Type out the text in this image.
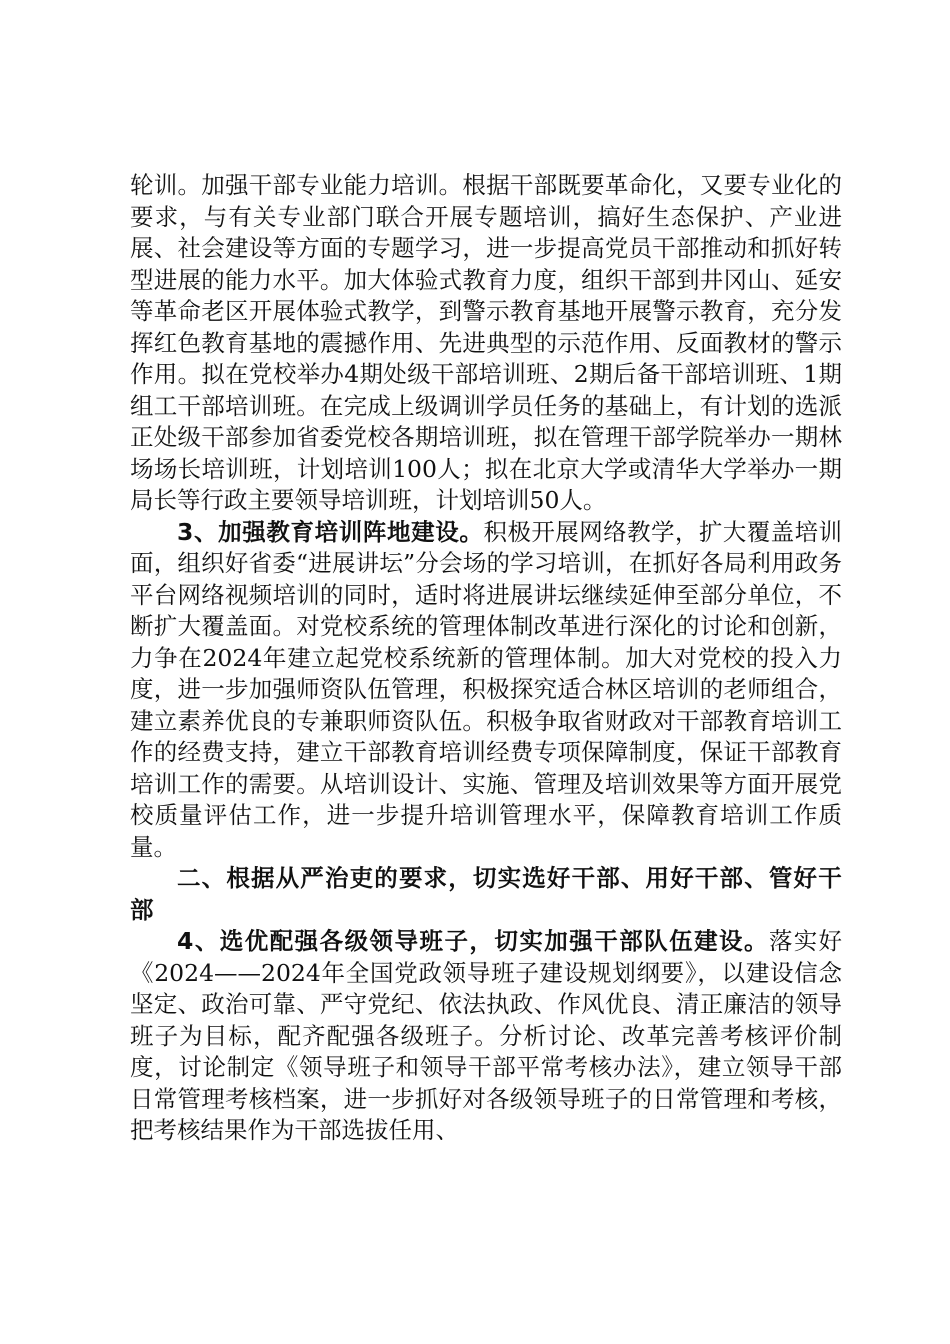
轮训。加强干部专业能力培训。根据干部既要革命化，又要专业化的要求，与有关专业部门联合开展专题培训，搞好生态保护、产业进展、社会建设等方面的专题学习，进一步提高党员干部推动和抓好转型进展的能力水平。加大体验式教育力度，组织干部到井冈山、延安等革命老区开展体验式教学，到警示教育基地开展警示教育，充分发挥红色教育基地的震撼作用、先进典型的示范作用、反面教材的警示作用。拟在党校举办4期处级干部培训班、2期后备干部培训班、1期组工干部培训班。在完成上级调训学员任务的基础上，有计划的选派正处级干部参加省委党校各期培训班，拟在管理干部学院举办一期林场场长培训班，计划培训100人；拟在北京大学或清华大学举办一期局长等行政主要领导培训班，计划培训50人。

3、加强教育培训阵地建设。积极开展网络教学，扩大覆盖培训面，组织好省委“进展讲坛”分会场的学习培训，在抓好各局利用政务平台网络视频培训的同时，适时将进展讲坛继续延伸至部分单位，不断扩大覆盖面。对党校系统的管理体制改革进行深化的讨论和创新，力争在2024年建立起党校系统新的管理体制。加大对党校的投入力度，进一步加强师资队伍管理，积极探究适合林区培训的老师组合，建立素养优良的专兼职师资队伍。积极争取省财政对干部教育培训工作的经费支持，建立干部教育培训经费专项保障制度，保证干部教育培训工作的需要。从培训设计、实施、管理及培训效果等方面开展党校质量评估工作，进一步提升培训管理水平，保障教育培训工作质量。

二、根据从严治吏的要求，切实选好干部、用好干部、管好干部

4、选优配强各级领导班子，切实加强干部队伍建设。落实好《2024——2024年全国党政领导班子建设规划纲要》，以建设信念坚定、政治可靠、严守党纪、依法执政、作风优良、清正廉洁的领导班子为目标，配齐配强各级班子。分析讨论、改革完善考核评价制度，讨论制定《领导班子和领导干部平常考核办法》，建立领导干部日常管理考核档案，进一步抓好对各级领导班子的日常管理和考核，把考核结果作为干部选拔任用、
